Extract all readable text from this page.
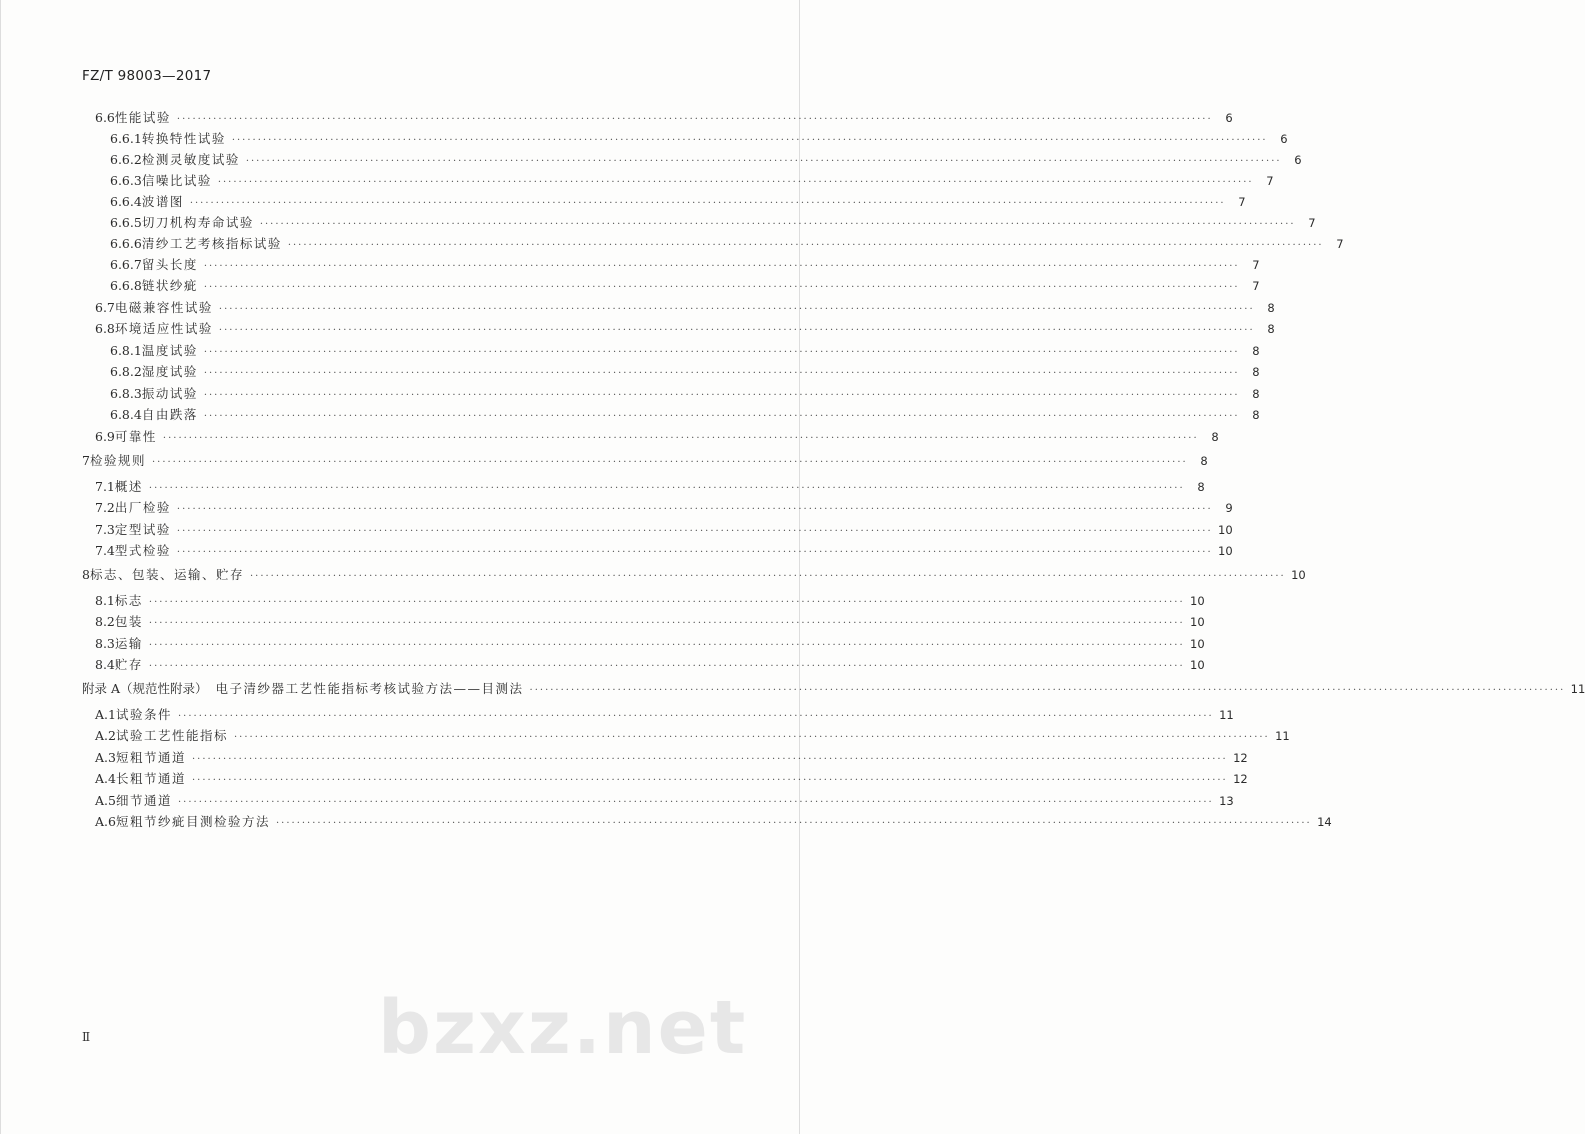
FZ/T 98003—2017
6.6 性能试验 ········································································································································································································	6
6.6.1 转换特性试验 ········································································································································································································	6
6.6.2 检测灵敏度试验 ········································································································································································································	6
6.6.3 信噪比试验 ········································································································································································································	7
6.6.4 波谱图 ········································································································································································································	7
6.6.5 切刀机构寿命试验 ········································································································································································································	7
6.6.6 清纱工艺考核指标试验 ········································································································································································································	7
6.6.7 留头长度 ········································································································································································································	7
6.6.8 链状纱疵 ········································································································································································································	7
6.7 电磁兼容性试验 ········································································································································································································	8
6.8 环境适应性试验 ········································································································································································································	8
6.8.1 温度试验 ········································································································································································································	8
6.8.2 湿度试验 ········································································································································································································	8
6.8.3 振动试验 ········································································································································································································	8
6.8.4 自由跌落 ········································································································································································································	8
6.9 可靠性 ········································································································································································································	8
7 检验规则 ········································································································································································································	8
7.1 概述 ········································································································································································································	8
7.2 出厂检验 ········································································································································································································	9
7.3 定型试验 ········································································································································································································ 10
7.4 型式检验 ········································································································································································································ 10
8 标志、包装、运输、贮存 ········································································································································································································ 10
8.1 标志 ········································································································································································································ 10
8.2 包装 ········································································································································································································ 10
8.3 运输 ········································································································································································································ 10
8.4 贮存 ········································································································································································································ 10
附录 A（规范性附录） 电子清纱器工艺性能指标考核试验方法——目测法 ········································································································································································································ 11
A.1 试验条件 ········································································································································································································ 11
A.2 试验工艺性能指标 ········································································································································································································ 11
A.3 短粗节通道 ········································································································································································································ 12
A.4 长粗节通道 ········································································································································································································ 12
A.5 细节通道 ········································································································································································································ 13
A.6 短粗节纱疵目测检验方法 ········································································································································································································ 14
Ⅱ	bzxz.net
